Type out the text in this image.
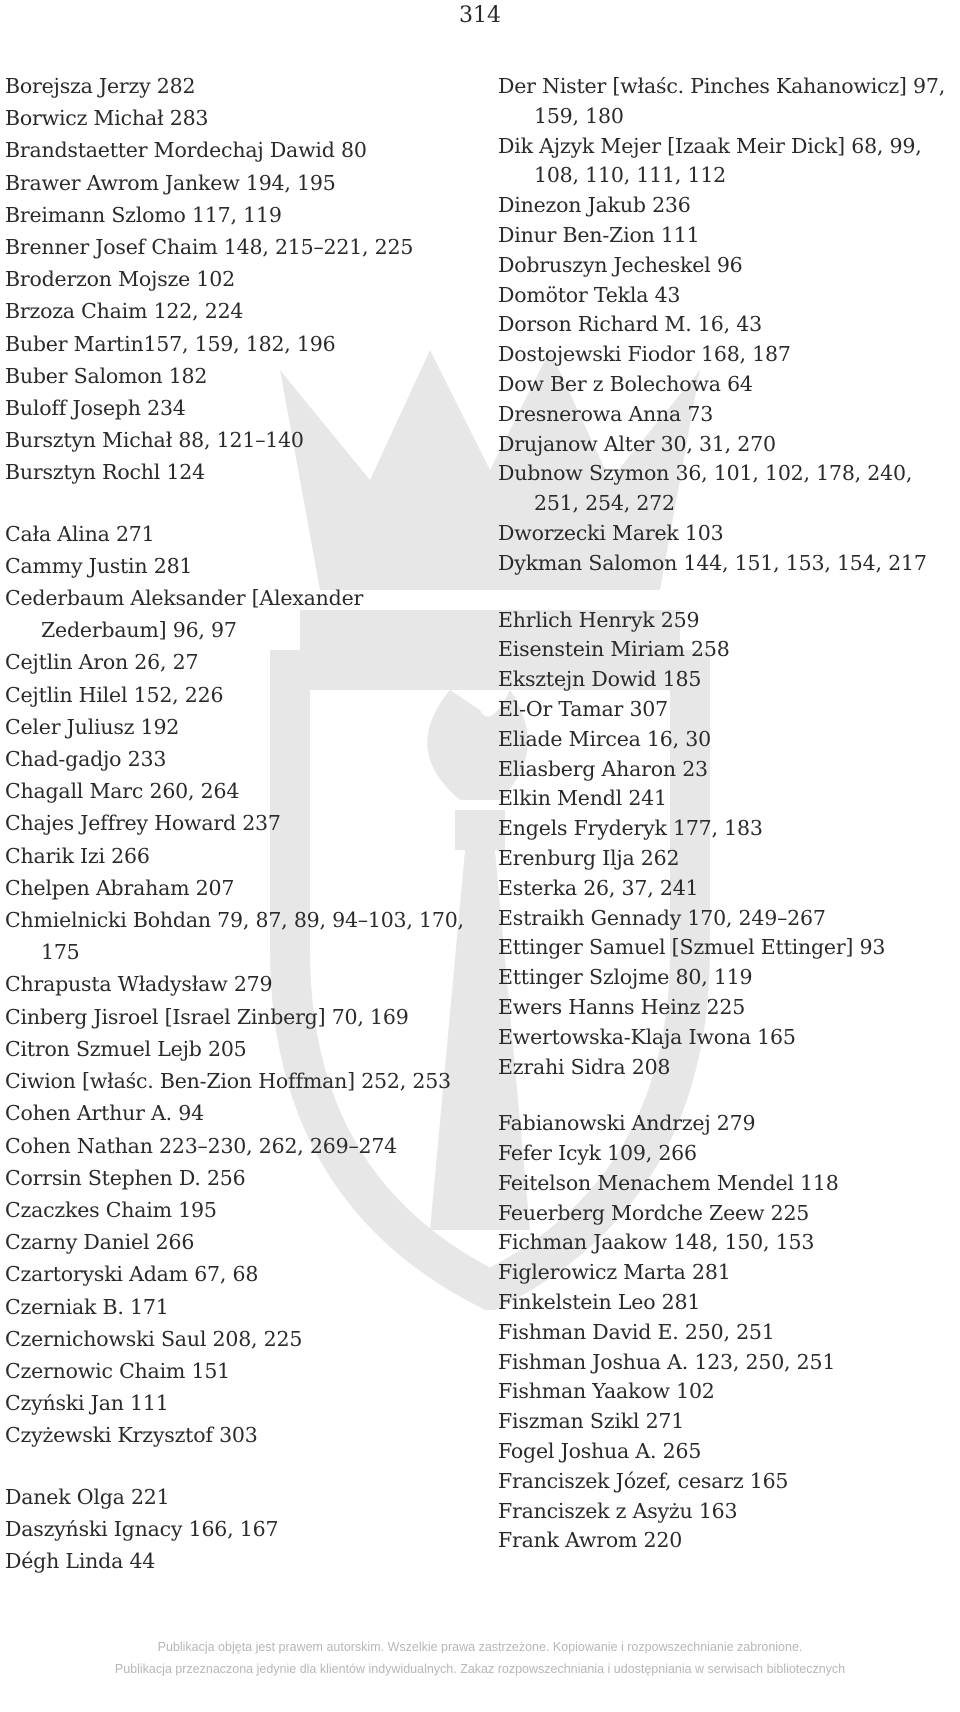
314
Borejsza Jerzy 282
Borwicz Michał 283
Brandstaetter Mordechaj Dawid 80
Brawer Awrom Jankew 194, 195
Breimann Szlomo 117, 119
Brenner Josef Chaim 148, 215–221, 225
Broderzon Mojsze 102
Brzoza Chaim 122, 224
Buber Martin157, 159, 182, 196
Buber Salomon 182
Buloff Joseph 234
Bursztyn Michał 88, 121–140
Bursztyn Rochl 124
Cała Alina 271
Cammy Justin 281
Cederbaum Aleksander [Alexander Zederbaum] 96, 97
Cejtlin Aron 26, 27
Cejtlin Hilel 152, 226
Celer Juliusz 192
Chad-gadjo 233
Chagall Marc 260, 264
Chajes Jeffrey Howard 237
Charik Izi 266
Chelpen Abraham 207
Chmielnicki Bohdan 79, 87, 89, 94–103, 170, 175
Chrapusta Władysław 279
Cinberg Jisroel [Israel Zinberg] 70, 169
Citron Szmuel Lejb 205
Ciwion [właśc. Ben-Zion Hoffman] 252, 253
Cohen Arthur A. 94
Cohen Nathan 223–230, 262, 269–274
Corrsin Stephen D. 256
Czaczkes Chaim 195
Czarny Daniel 266
Czartoryski Adam 67, 68
Czerniak B. 171
Czernichowski Saul 208, 225
Czernowic Chaim 151
Czyński Jan 111
Czyżewski Krzysztof 303
Danek Olga 221
Daszyński Ignacy 166, 167
Dégh Linda 44
Der Nister [właśc. Pinches Kahanowicz] 97, 159, 180
Dik Ajzyk Mejer [Izaak Meir Dick] 68, 99, 108, 110, 111, 112
Dinezon Jakub 236
Dinur Ben-Zion 111
Dobruszyn Jecheskel 96
Domötor Tekla 43
Dorson Richard M. 16, 43
Dostojewski Fiodor 168, 187
Dow Ber z Bolechowa 64
Dresnerowa Anna 73
Drujanow Alter 30, 31, 270
Dubnow Szymon 36, 101, 102, 178, 240, 251, 254, 272
Dworzecki Marek 103
Dykman Salomon 144, 151, 153, 154, 217
Ehrlich Henryk 259
Eisenstein Miriam 258
Eksztejn Dowid 185
El-Or Tamar 307
Eliade Mircea 16, 30
Eliasberg Aharon 23
Elkin Mendl 241
Engels Fryderyk 177, 183
Erenburg Ilja 262
Esterka 26, 37, 241
Estraikh Gennady 170, 249–267
Ettinger Samuel [Szmuel Ettinger] 93
Ettinger Szlojme 80, 119
Ewers Hanns Heinz 225
Ewertowska-Klaja Iwona 165
Ezrahi Sidra 208
Fabianowski Andrzej 279
Fefer Icyk 109, 266
Feitelson Menachem Mendel 118
Feuerberg Mordche Zeew 225
Fichman Jaakow 148, 150, 153
Figlerowicz Marta 281
Finkelstein Leo 281
Fishman David E. 250, 251
Fishman Joshua A. 123, 250, 251
Fishman Yaakow 102
Fiszman Szikl 271
Fogel Joshua A. 265
Franciszek Józef, cesarz 165
Franciszek z Asyżu 163
Frank Awrom 220
Publikacja objęta jest prawem autorskim. Wszelkie prawa zastrzeżone. Kopiowanie i rozpowszechnianie zabronione.
Publikacja przeznaczona jedynie dla klientów indywidualnych. Zakaz rozpowszechniania i udostępniania w serwisach bibliotecznych
